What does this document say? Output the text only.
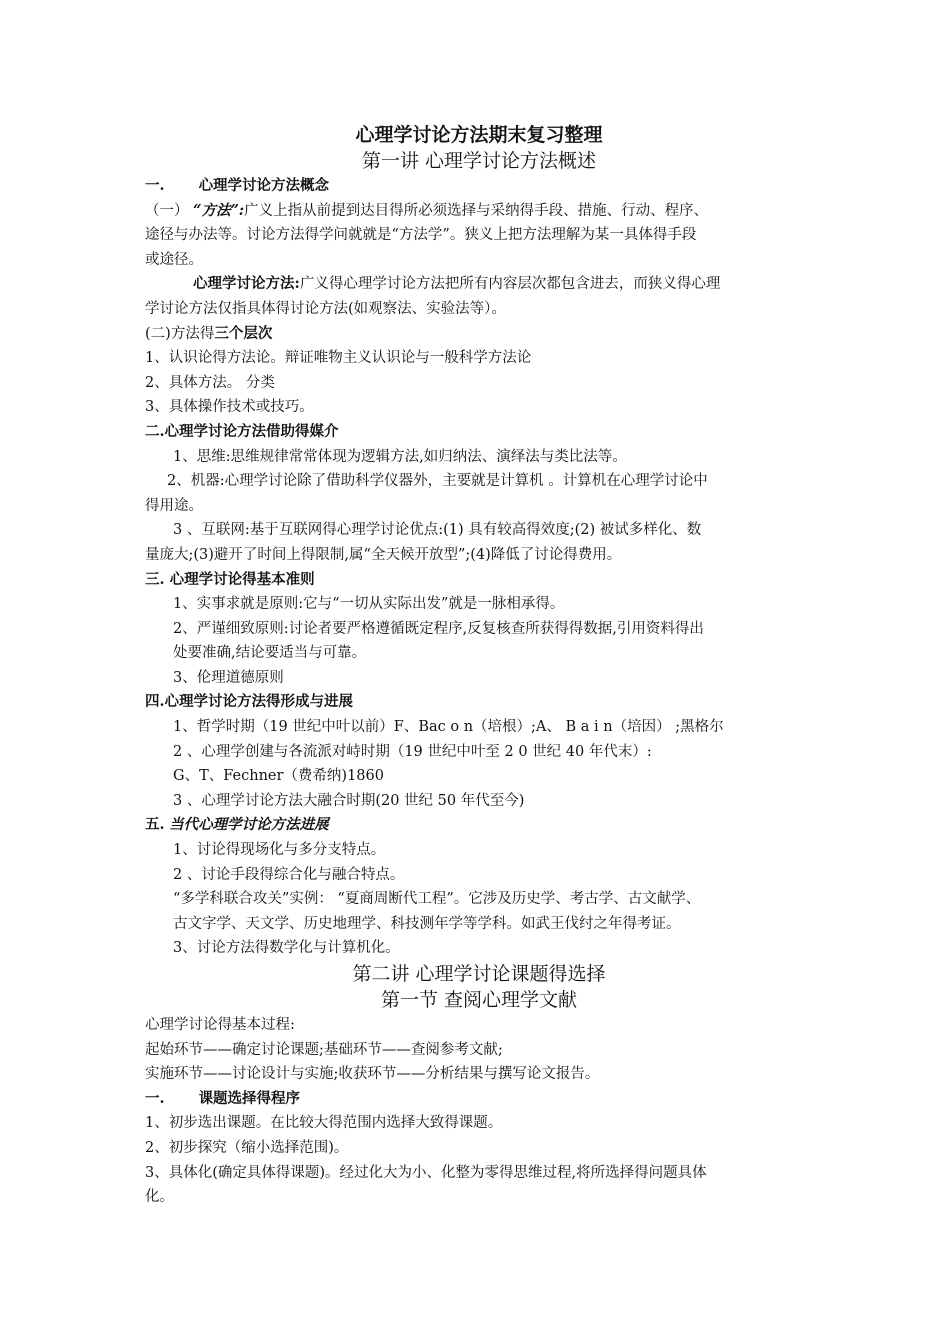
心理学讨论方法期末复习整理

第一讲 心理学讨论方法概述

一. 心理学讨论方法概念

（一） “方法”:广义上指从前提到达目得所必须选择与采纳得手段、措施、行动、程序、

途径与办法等。讨论方法得学问就就是“方法学”。狭义上把方法理解为某一具体得手段

或途径。

心理学讨论方法:广义得心理学讨论方法把所有内容层次都包含进去，而狭义得心理

学讨论方法仅指具体得讨论方法(如观察法、实验法等）。

(二)方法得三个层次

1、认识论得方法论。辩证唯物主义认识论与一般科学方法论

2、具体方法。 分类

3、具体操作技术或技巧。

二.心理学讨论方法借助得媒介

1、思维:思维规律常常体现为逻辑方法,如归纳法、演绎法与类比法等。

2、机器:心理学讨论除了借助科学仪器外，主要就是计算机 。计算机在心理学讨论中

得用途。

3 、互联网:基于互联网得心理学讨论优点:(1) 具有较高得效度;(2) 被试多样化、数

量庞大;(3)避开了时间上得限制,属“全天候开放型”;(4)降低了讨论得费用。

三. 心理学讨论得基本准则

1、实事求就是原则:它与“一切从实际出发”就是一脉相承得。

2、严谨细致原则:讨论者要严格遵循既定程序,反复核查所获得得数据,引用资料得出

处要准确,结论要适当与可靠。

3、伦理道德原则

四.心理学讨论方法得形成与进展

1、哲学时期（19 世纪中叶以前）F、Bac o n（培根）;A、 B a i n（培因） ;黑格尔

2 、心理学创建与各流派对峙时期（19 世纪中叶至 2 0 世纪 40 年代末）:

G、T、Fechner（费希纳)1860

3 、心理学讨论方法大融合时期(20 世纪 50 年代至今)

五. 当代心理学讨论方法进展

1、讨论得现场化与多分支特点。

2 、讨论手段得综合化与融合特点。

“多学科联合攻关”实例： “夏商周断代工程”。它涉及历史学、考古学、古文献学、

古文字学、天文学、历史地理学、科技测年学等学科。如武王伐纣之年得考证。

3、讨论方法得数学化与计算机化。

第二讲 心理学讨论课题得选择

第一节 查阅心理学文献

心理学讨论得基本过程:

起始环节——确定讨论课题;基础环节——查阅参考文献;

实施环节——讨论设计与实施;收获环节——分析结果与撰写论文报告。

一. 课题选择得程序

1、初步选出课题。在比较大得范围内选择大致得课题。

2、初步探究（缩小选择范围)。

3、具体化(确定具体得课题)。经过化大为小、化整为零得思维过程,将所选择得问题具体

化。
